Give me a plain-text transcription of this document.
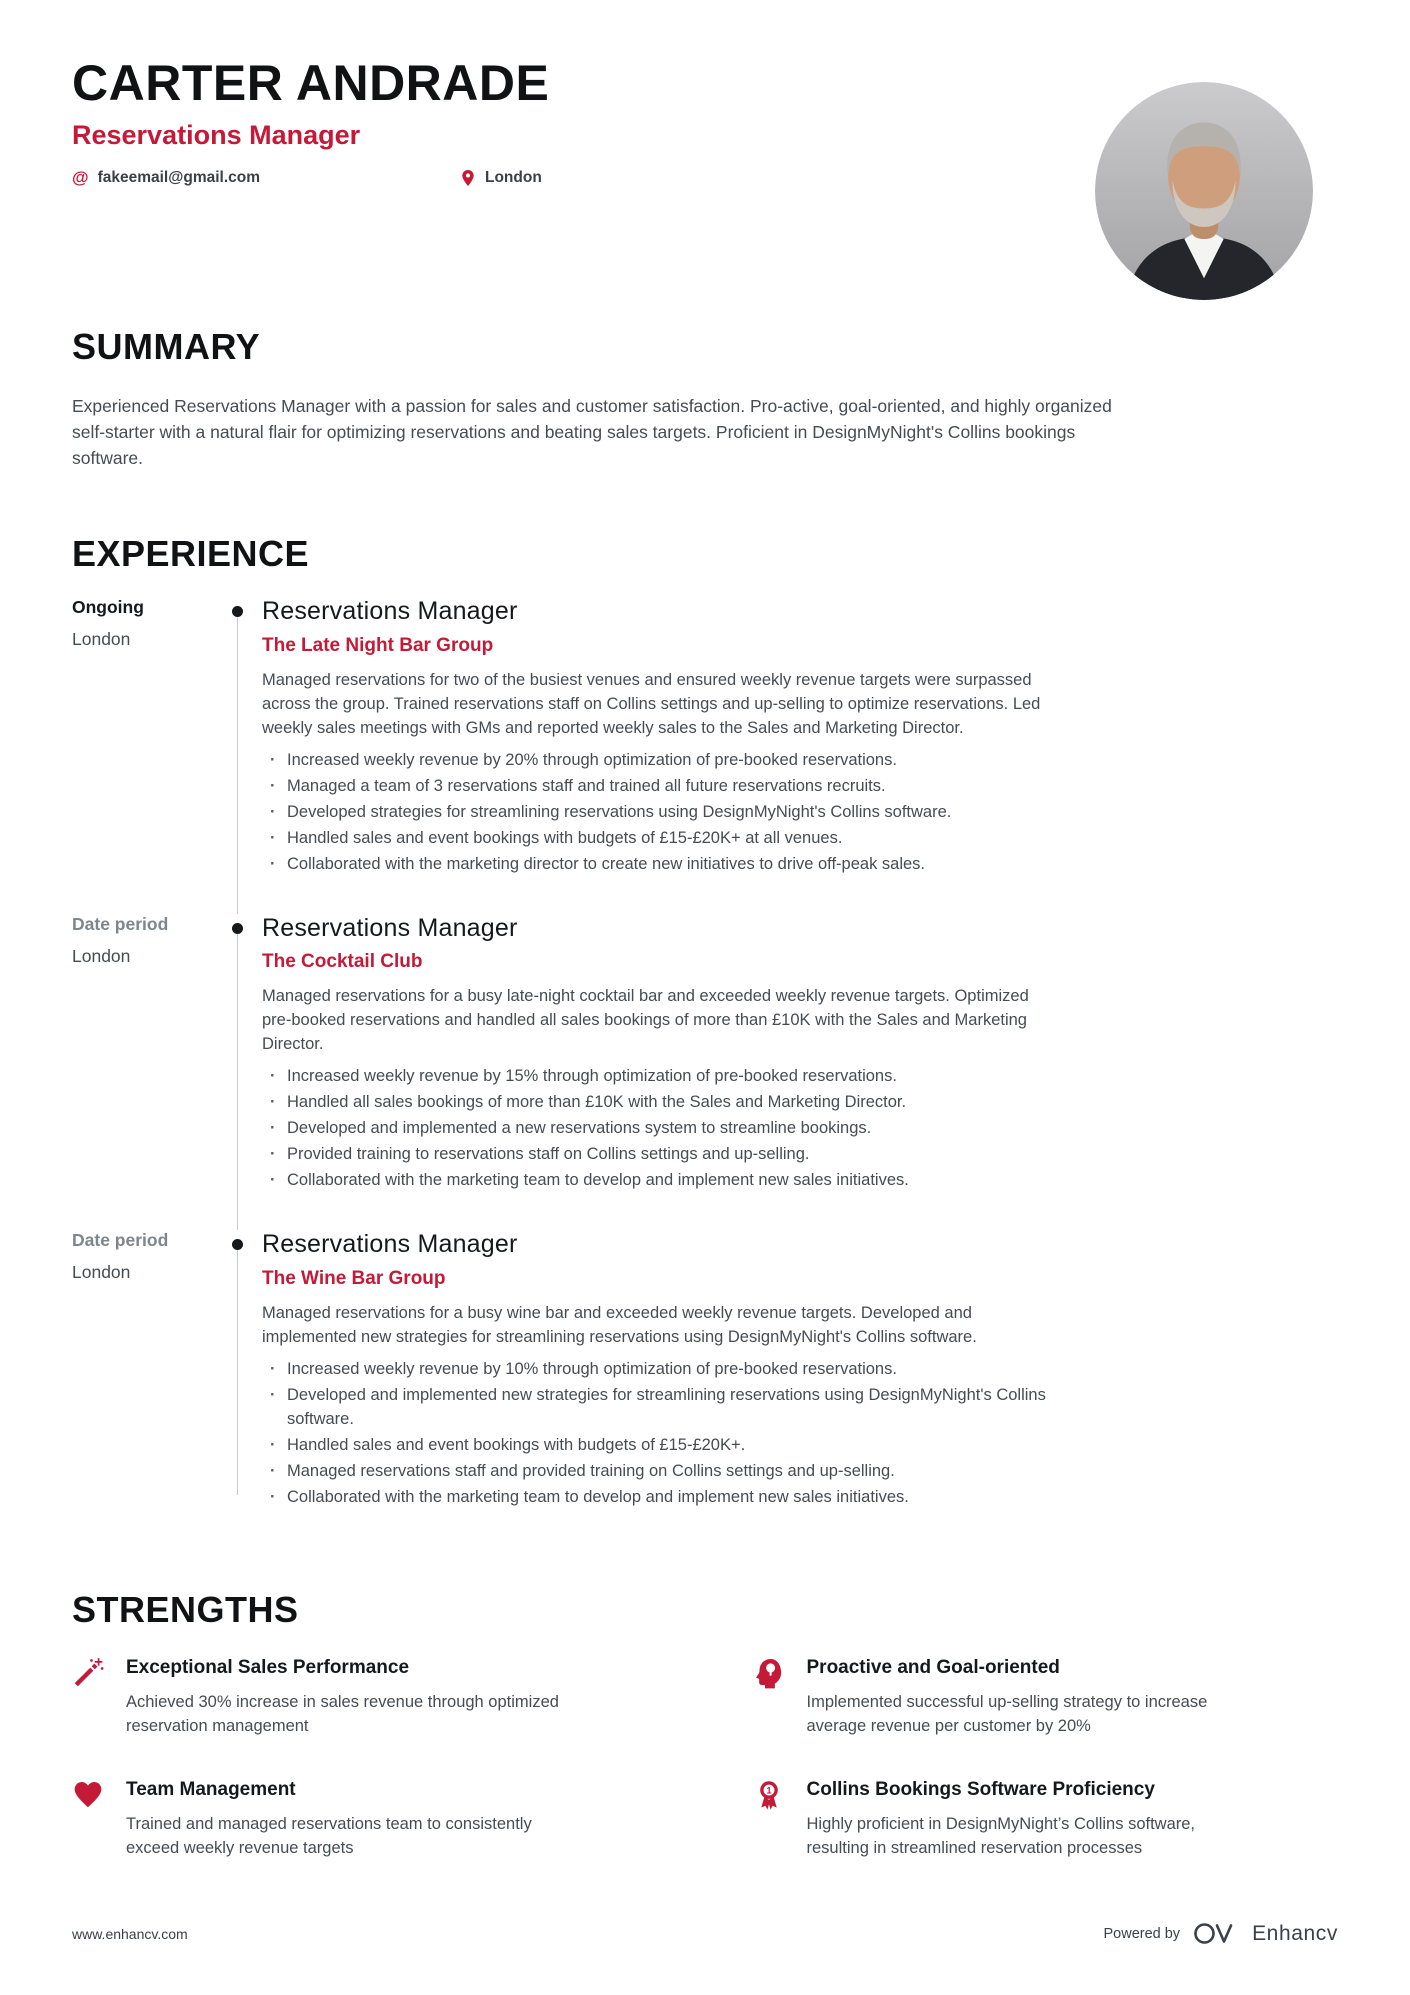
CARTER ANDRADE
Reservations Manager
@ fakeemail@gmail.com	London
SUMMARY

Experienced Reservations Manager with a passion for sales and customer satisfaction. Pro-active, goal-oriented, and highly organized self-starter with a natural flair for optimizing reservations and beating sales targets. Proficient in DesignMyNight's Collins bookings software.

EXPERIENCE
Ongoing
London
Reservations Manager
The Late Night Bar Group

Managed reservations for two of the busiest venues and ensured weekly revenue targets were surpassed across the group. Trained reservations staff on Collins settings and up-selling to optimize reservations. Led weekly sales meetings with GMs and reported weekly sales to the Sales and Marketing Director.

· Increased weekly revenue by 20% through optimization of pre-booked reservations.
· Managed a team of 3 reservations staff and trained all future reservations recruits.
· Developed strategies for streamlining reservations using DesignMyNight's Collins software.
· Handled sales and event bookings with budgets of £15-£20K+ at all venues.
· Collaborated with the marketing director to create new initiatives to drive off-peak sales.
Date period
London
Reservations Manager
The Cocktail Club

Managed reservations for a busy late-night cocktail bar and exceeded weekly revenue targets. Optimized pre-booked reservations and handled all sales bookings of more than £10K with the Sales and Marketing Director.

· Increased weekly revenue by 15% through optimization of pre-booked reservations.
· Handled all sales bookings of more than £10K with the Sales and Marketing Director.
· Developed and implemented a new reservations system to streamline bookings.
· Provided training to reservations staff on Collins settings and up-selling.
· Collaborated with the marketing team to develop and implement new sales initiatives.
Date period
London
Reservations Manager
The Wine Bar Group

Managed reservations for a busy wine bar and exceeded weekly revenue targets. Developed and implemented new strategies for streamlining reservations using DesignMyNight's Collins software.

· Increased weekly revenue by 10% through optimization of pre-booked reservations.
· Developed and implemented new strategies for streamlining reservations using DesignMyNight's Collins software.
· Handled sales and event bookings with budgets of £15-£20K+.
· Managed reservations staff and provided training on Collins settings and up-selling.
· Collaborated with the marketing team to develop and implement new sales initiatives.
STRENGTHS
Exceptional Sales Performance

Achieved 30% increase in sales revenue through optimized reservation management

Proactive and Goal-oriented

Implemented successful up-selling strategy to increase average revenue per customer by 20%

Team Management

Trained and managed reservations team to consistently exceed weekly revenue targets

1 Collins Bookings Software Proficiency

Highly proficient in DesignMyNight’s Collins software, resulting in streamlined reservation processes

www.enhancv.com	Powered by	Enhancv
